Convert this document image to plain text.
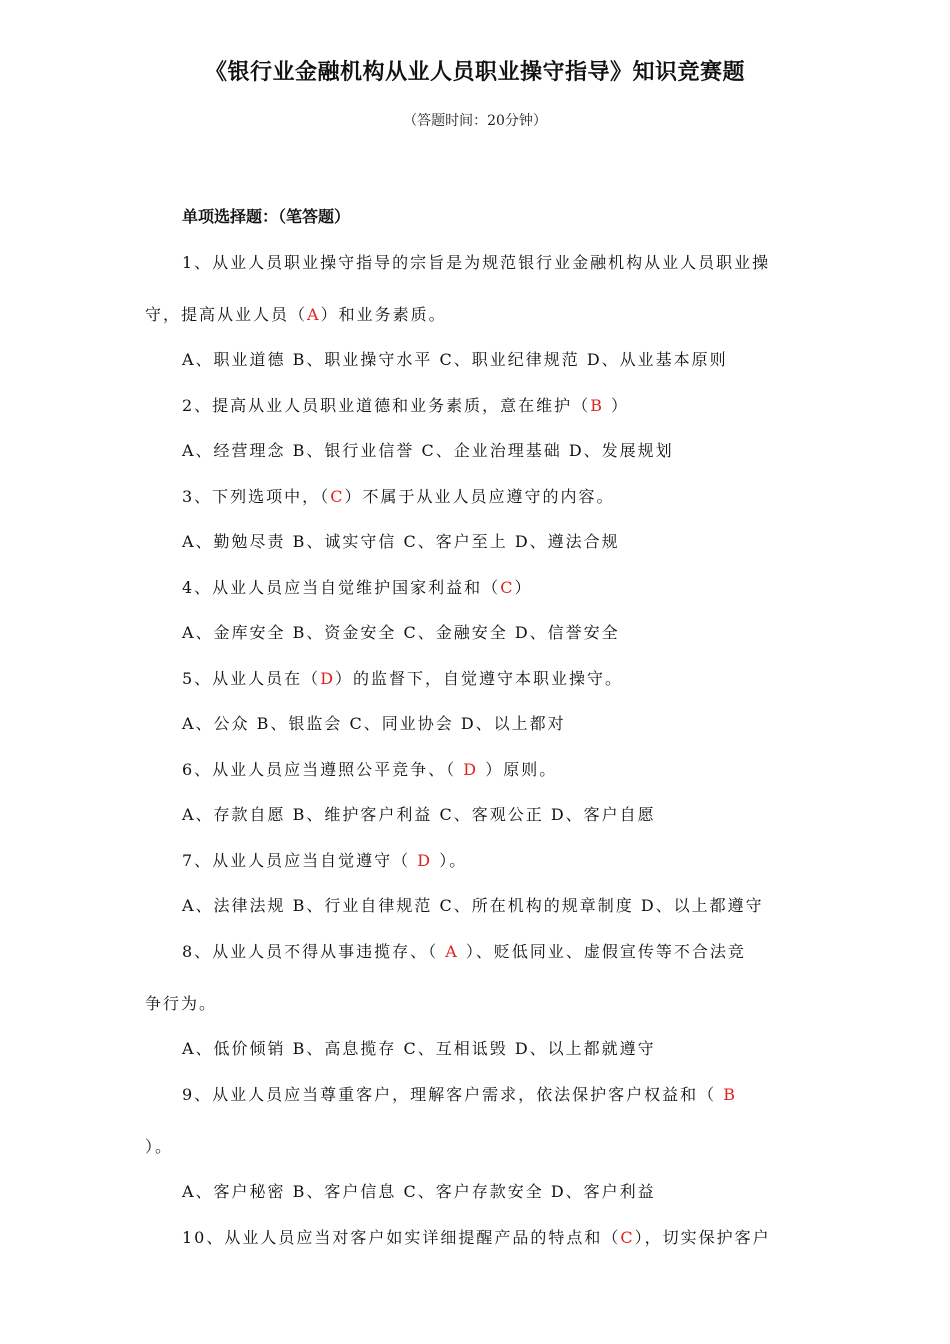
《银行业金融机构从业人员职业操守指导》知识竞赛题
（答题时间：20分钟）
单项选择题：（笔答题）
1、从业人员职业操守指导的宗旨是为规范银行业金融机构从业人员职业操
守，提高从业人员（A）和业务素质。
A、职业道德 B、职业操守水平 C、职业纪律规范 D、从业基本原则
2、提高从业人员职业道德和业务素质，意在维护（B ）
A、经营理念 B、银行业信誉 C、企业治理基础 D、发展规划
3、下列选项中，（C）不属于从业人员应遵守的内容。
A、勤勉尽责 B、诚实守信 C、客户至上 D、遵法合规
4、从业人员应当自觉维护国家利益和（C）
A、金库安全 B、资金安全 C、金融安全 D、信誉安全
5、从业人员在（D）的监督下，自觉遵守本职业操守。
A、公众 B、银监会 C、同业协会 D、以上都对
6、从业人员应当遵照公平竞争、（ D ）原则。
A、存款自愿 B、维护客户利益 C、客观公正 D、客户自愿
7、从业人员应当自觉遵守（ D ）。
A、法律法规 B、行业自律规范 C、所在机构的规章制度 D、以上都遵守
8、从业人员不得从事违揽存、（ A ）、贬低同业、虚假宣传等不合法竞
争行为。
A、低价倾销 B、高息揽存 C、互相诋毁 D、以上都就遵守
9、从业人员应当尊重客户，理解客户需求，依法保护客户权益和（ B
）。
A、客户秘密 B、客户信息 C、客户存款安全 D、客户利益
10、从业人员应当对客户如实详细提醒产品的特点和（C），切实保护客户
